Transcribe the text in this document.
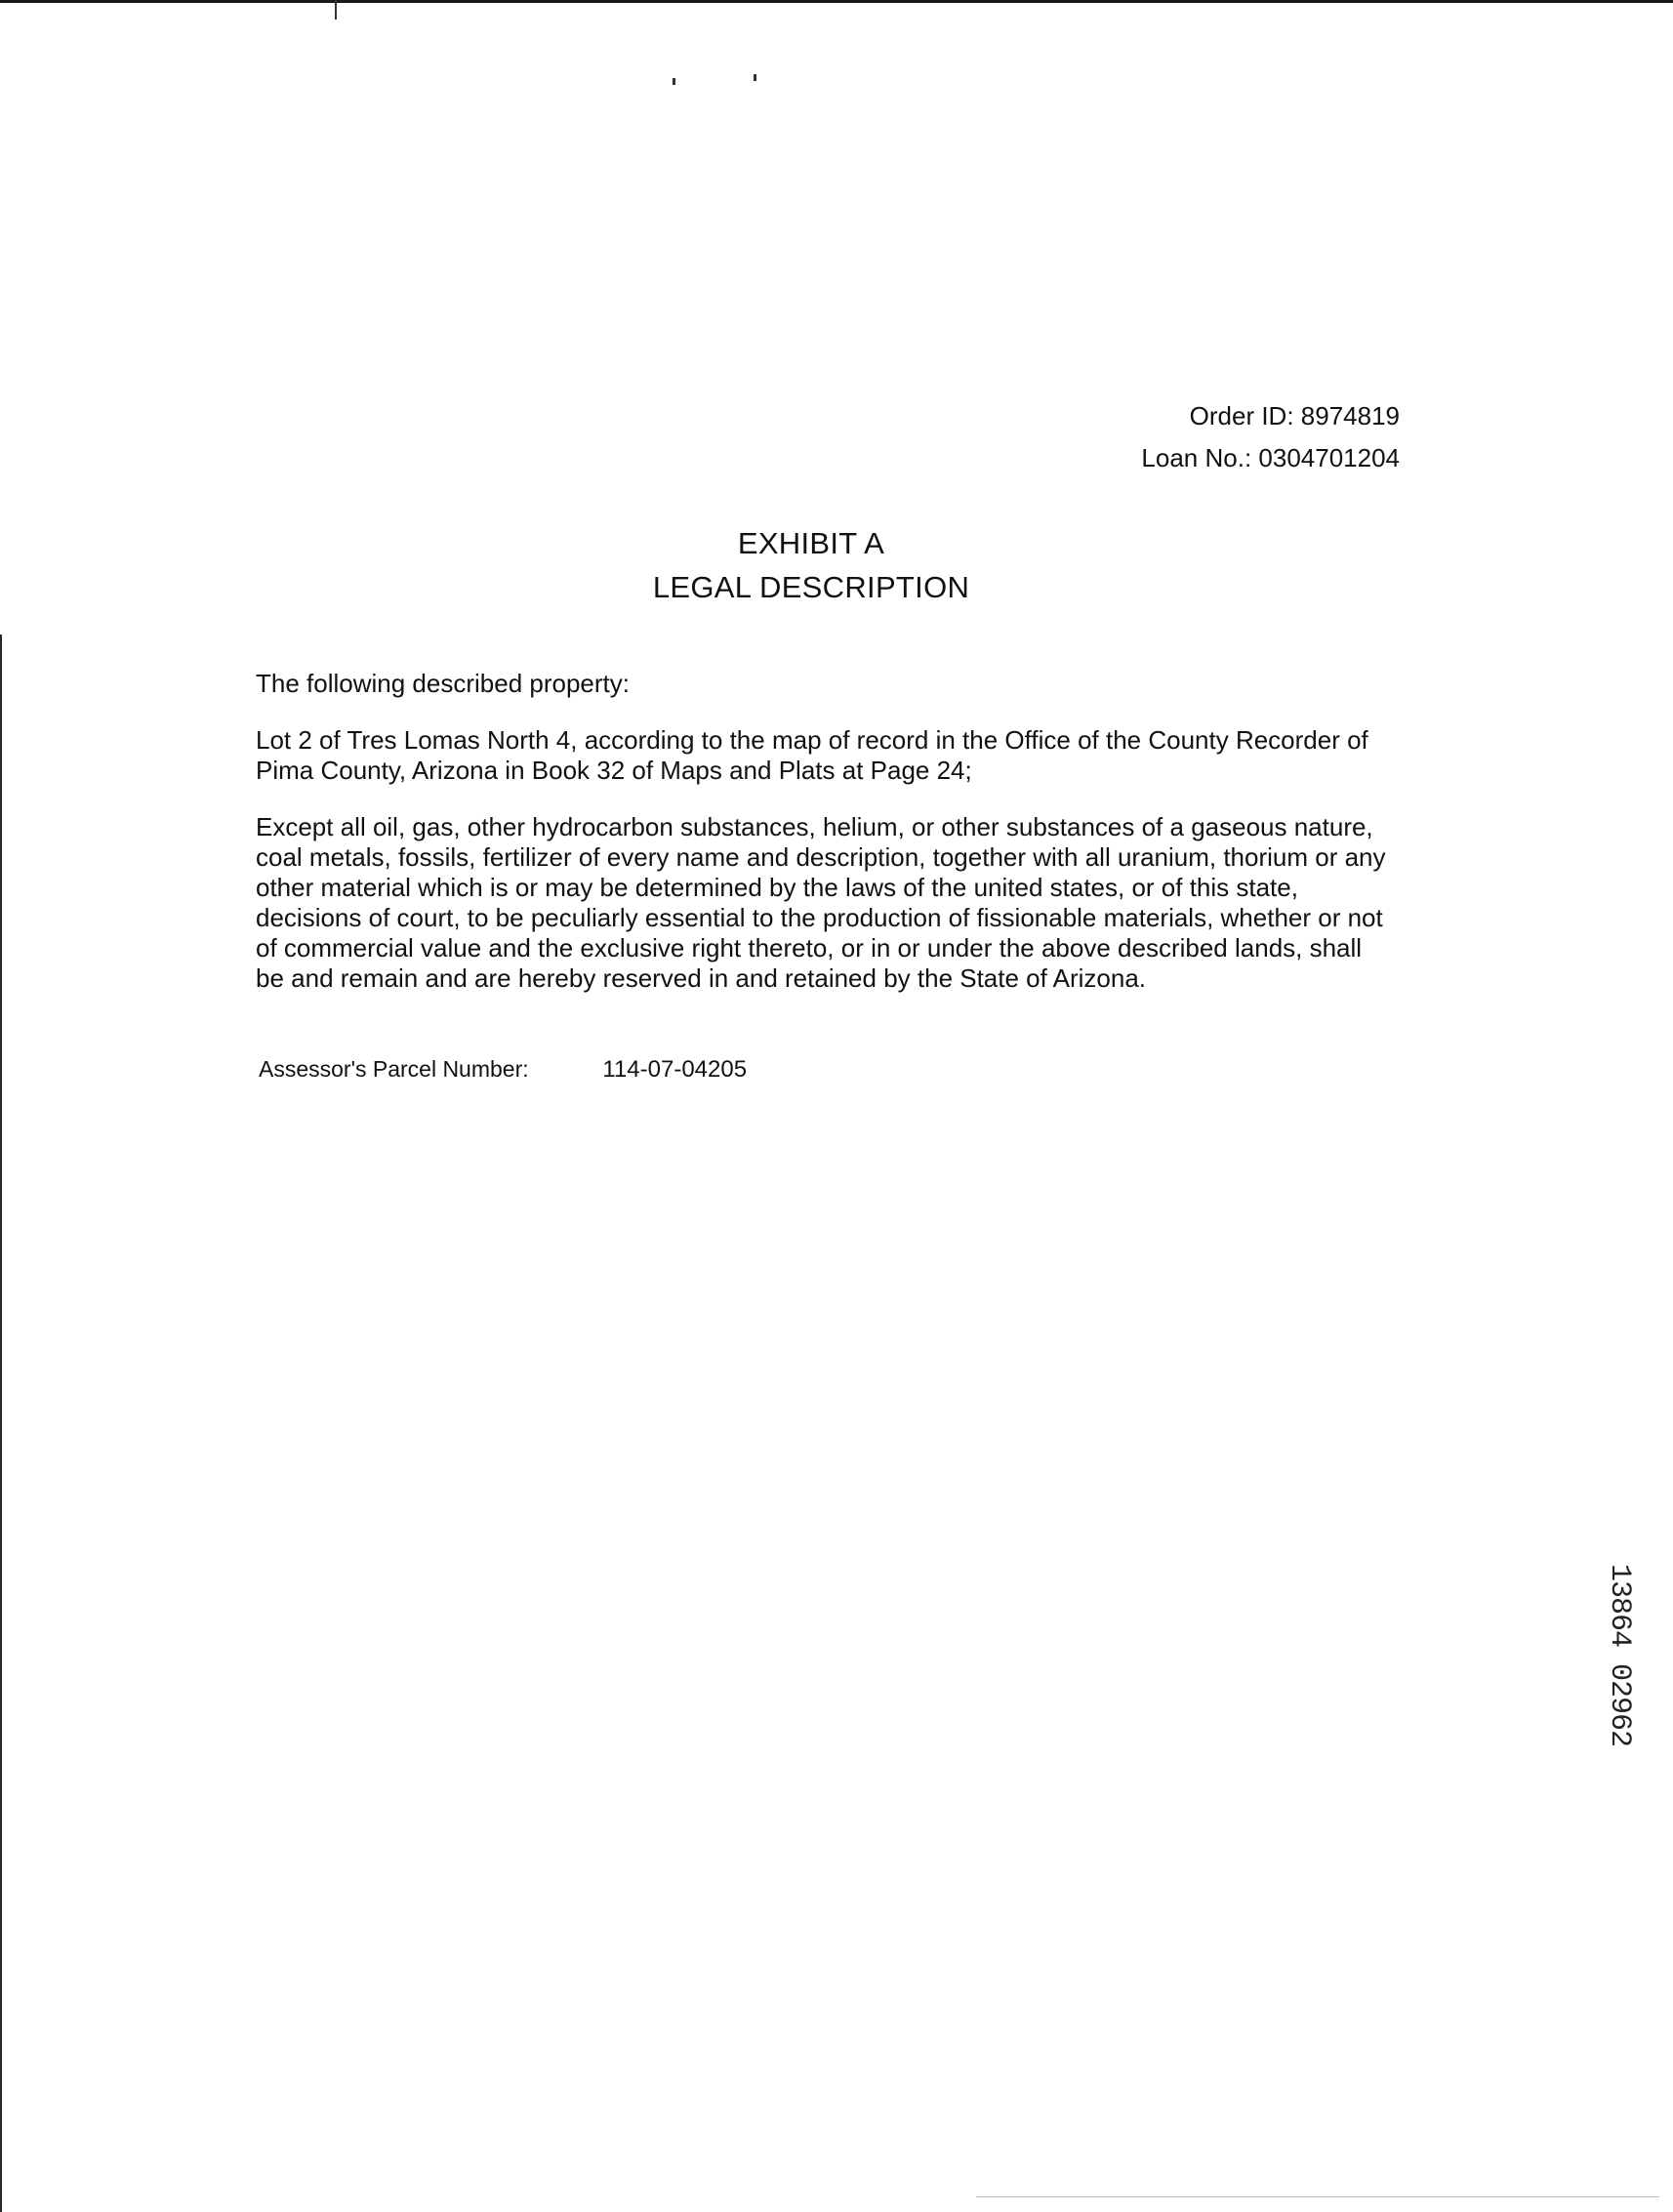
Order ID: 8974819
Loan No.: 0304701204
EXHIBIT A
LEGAL DESCRIPTION
The following described property:
Lot 2 of Tres Lomas North 4, according to the map of record in the Office of the County Recorder of
Pima County, Arizona in Book 32 of Maps and Plats at Page 24;
Except all oil, gas, other hydrocarbon substances, helium, or other substances of a gaseous nature,
coal metals, fossils, fertilizer of every name and description, together with all uranium, thorium or any
other material which is or may be determined by the laws of the united states, or of this state,
decisions of court, to be peculiarly essential to the production of fissionable materials, whether or not
of commercial value and the exclusive right thereto, or in or under the above described lands, shall
be and remain and are hereby reserved in and retained by the State of Arizona.
Assessor's Parcel Number:	114-07-04205
13864 02962
